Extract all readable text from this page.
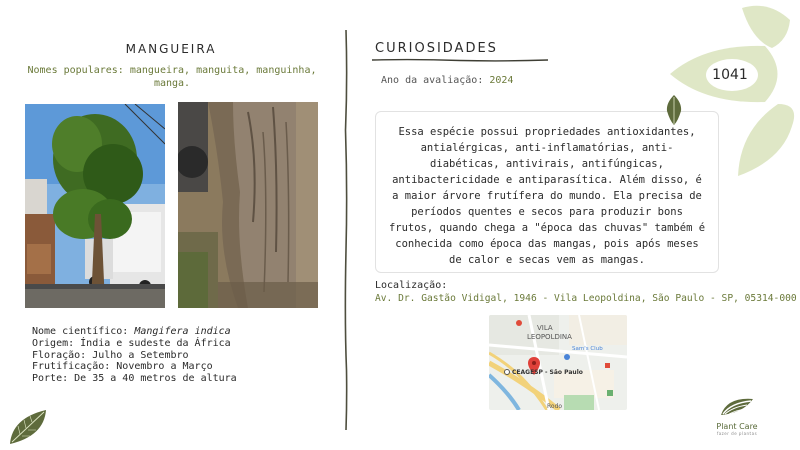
MANGUEIRA
Nomes populares: mangueira, manguita, manguinha, manga.
Nome científico: Mangifera indica
Origem: Índia e sudeste da África
Floração: Julho a Setembro
Frutificação: Novembro a Março
Porte: De 35 a 40 metros de altura
CURIOSIDADES
Ano da avaliação: 2024
Essa espécie possui propriedades antioxidantes, antialérgicas, anti-inflamatórias, anti-diabéticas, antivirais, antifúngicas, antibactericidade e antiparasítica. Além disso, é a maior árvore frutífera do mundo. Ela precisa de períodos quentes e secos para produzir bons frutos, quando chega a "época das chuvas" também é conhecida como época das mangas, pois após meses de calor e secas vem as mangas.
Localização:
Av. Dr. Gastão Vidigal, 1946 - Vila Leopoldina, São Paulo - SP, 05314-000
VILA
LEOPOLDINA
Sam's Club
CEAGESP - São Paulo
Rodo
1041
Plant Care
fazer de plantas
